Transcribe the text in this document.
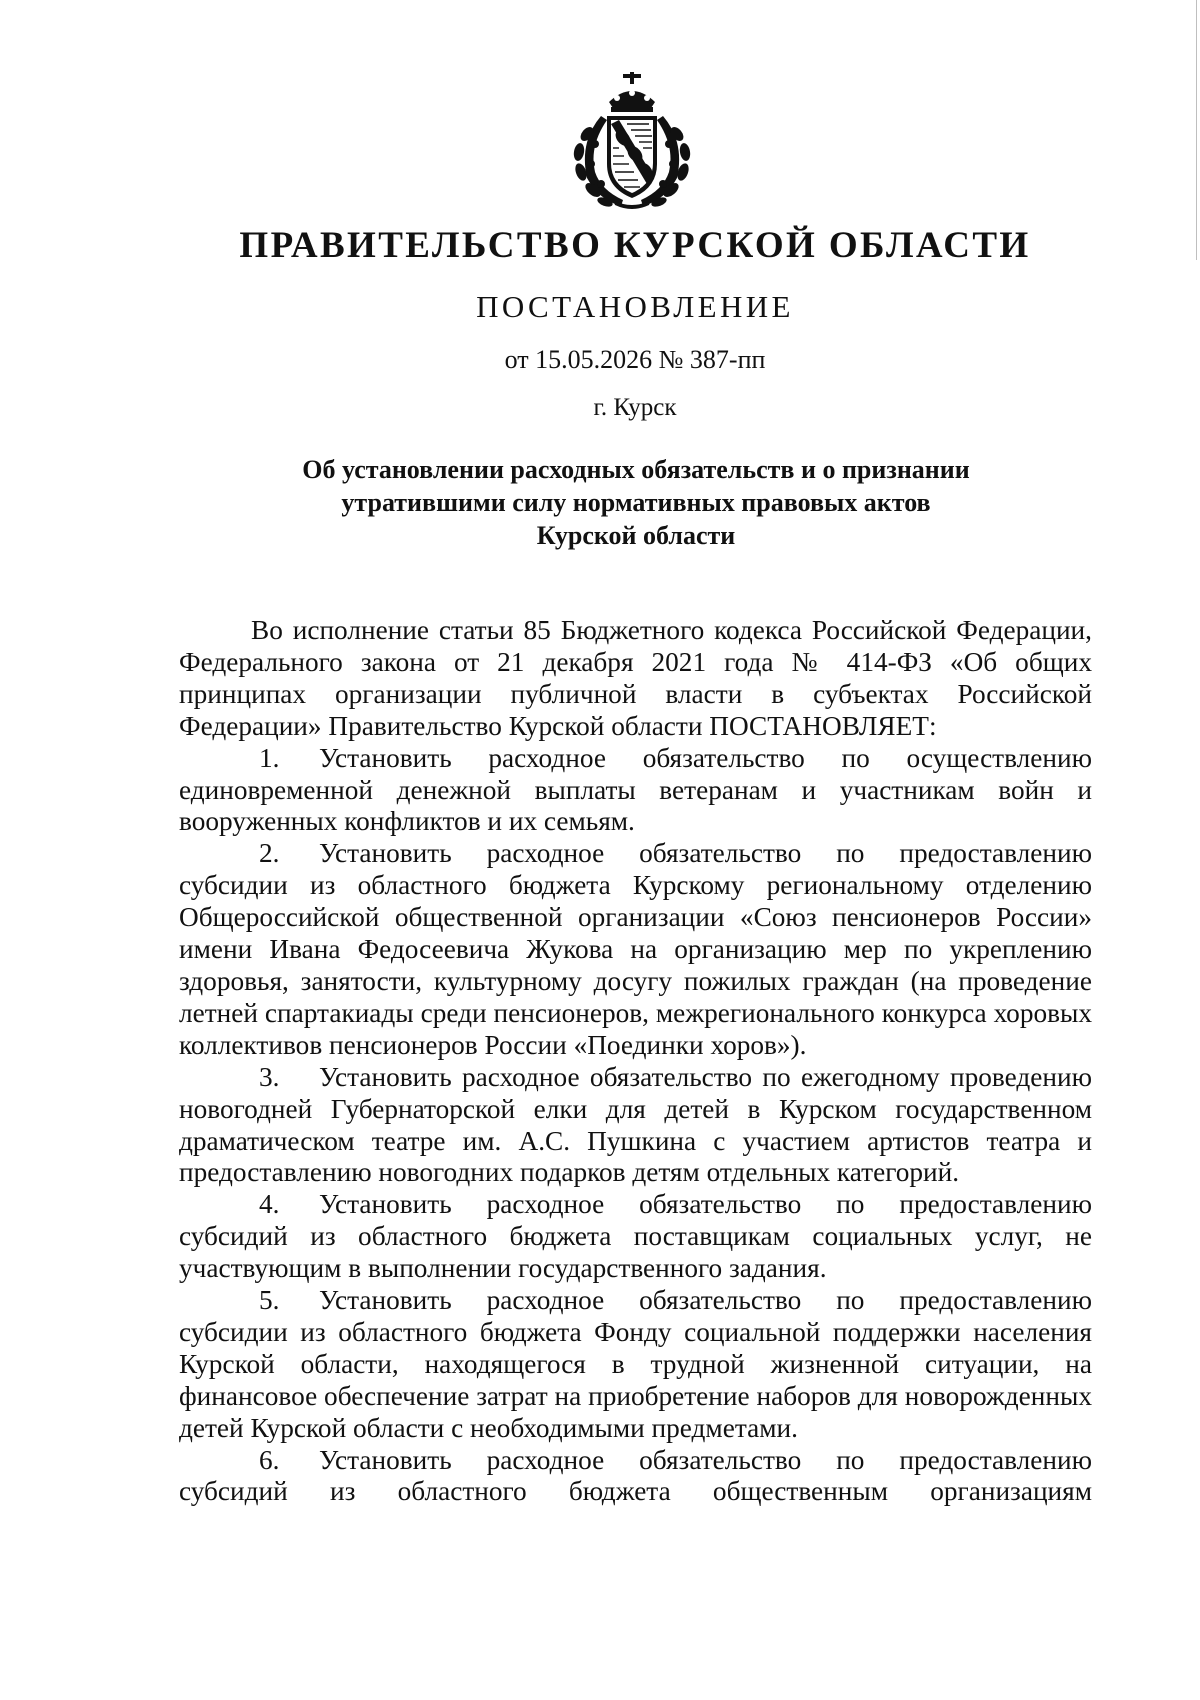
ПРАВИТЕЛЬСТВО КУРСКОЙ ОБЛАСТИ
ПОСТАНОВЛЕНИЕ
от 15.05.2026 № 387-пп
г. Курск
Об установлении расходных обязательств и о признании
утратившими силу нормативных правовых актов
Курской области

Во исполнение статьи 85 Бюджетного кодекса Российской Федерации, Федерального закона от 21 декабря 2021 года № 414-ФЗ «Об общих принципах организации публичной власти в субъектах Российской Федерации» Правительство Курской области ПОСТАНОВЛЯЕТ:

1. Установить расходное обязательство по осуществлению единовременной денежной выплаты ветеранам и участникам войн и вооруженных конфликтов и их семьям.

2. Установить расходное обязательство по предоставлению субсидии из областного бюджета Курскому региональному отделению Общероссийской общественной организации «Союз пенсионеров России» имени Ивана Федосеевича Жукова на организацию мер по укреплению здоровья, занятости, культурному досугу пожилых граждан (на проведение летней спартакиады среди пенсионеров, межрегионального конкурса хоровых коллективов пенсионеров России «Поединки хоров»).

3. Установить расходное обязательство по ежегодному проведению новогодней Губернаторской елки для детей в Курском государственном драматическом театре им. А.С. Пушкина с участием артистов театра и предоставлению новогодних подарков детям отдельных категорий.

4. Установить расходное обязательство по предоставлению субсидий из областного бюджета поставщикам социальных услуг, не участвующим в выполнении государственного задания.

5. Установить расходное обязательство по предоставлению субсидии из областного бюджета Фонду социальной поддержки населения Курской области, находящегося в трудной жизненной ситуации, на финансовое обеспечение затрат на приобретение наборов для новорожденных детей Курской области с необходимыми предметами.

6. Установить расходное обязательство по предоставлению субсидий из областного бюджета общественным организациям
